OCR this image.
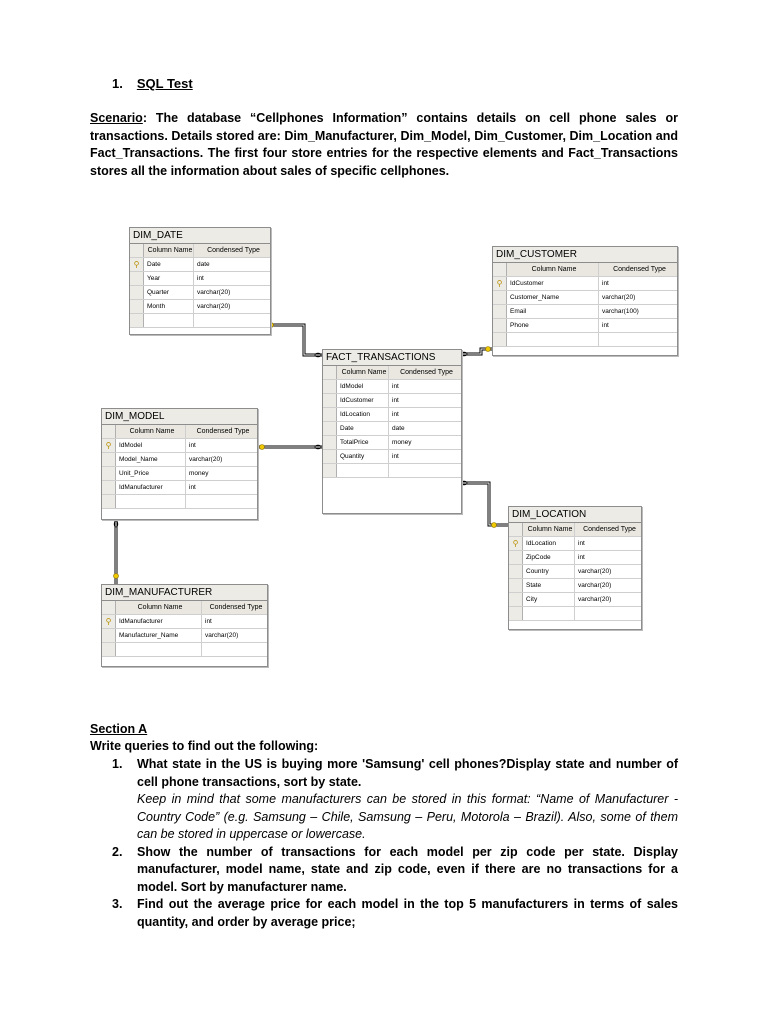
1. SQL Test
Scenario: The database “Cellphones Information” contains details on cell phone sales or transactions. Details stored are: Dim_Manufacturer, Dim_Model, Dim_Customer, Dim_Location and Fact_Transactions. The first four store entries for the respective elements and Fact_Transactions stores all the information about sales of specific cellphones.
DIM_DATE
Column Name	Condensed Type
⚲	Date	date
Year	int
Quarter	varchar(20)
Month	varchar(20)
DIM_CUSTOMER
Column Name	Condensed Type
⚲	IdCustomer	int
Customer_Name	varchar(20)
Email	varchar(100)
Phone	int
FACT_TRANSACTIONS
Column Name	Condensed Type
IdModel	int
IdCustomer	int
IdLocation	int
Date	date
TotalPrice	money
Quantity	int
DIM_MODEL
Column Name	Condensed Type
⚲	IdModel	int
Model_Name	varchar(20)
Unit_Price	money
IdManufacturer	int
DIM_LOCATION
Column Name	Condensed Type
⚲	IdLocation	int
ZipCode	int
Country	varchar(20)
State	varchar(20)
City	varchar(20)
DIM_MANUFACTURER
Column Name	Condensed Type
⚲	IdManufacturer	int
Manufacturer_Name	varchar(20)
Section A
Write queries to find out the following:
1. What state in the US is buying more 'Samsung' cell phones?Display state and number of cell phone transactions, sort by state.
Keep in mind that some manufacturers can be stored in this format: “Name of Manufacturer - Country Code” (e.g. Samsung – Chile, Samsung – Peru, Motorola – Brazil). Also, some of them can be stored in uppercase or lowercase.
2. Show the number of transactions for each model per zip code per state. Display manufacturer, model name, state and zip code, even if there are no transactions for a model. Sort by manufacturer name.
3. Find out the average price for each model in the top 5 manufacturers in terms of sales quantity, and order by average price;
